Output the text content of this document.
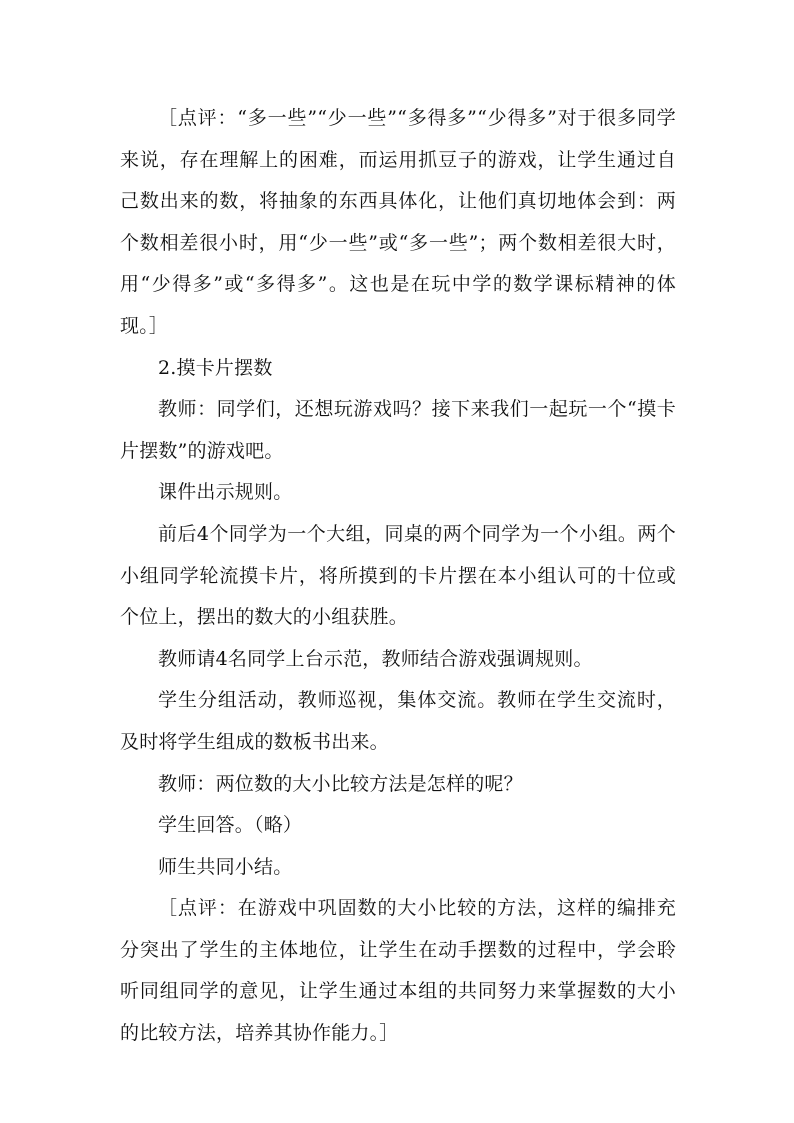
［点评：“多一些”“少一些”“多得多”“少得多”对于很多同学来说，存在理解上的困难，而运用抓豆子的游戏，让学生通过自己数出来的数，将抽象的东西具体化，让他们真切地体会到：两个数相差很小时，用“少一些”或“多一些”；两个数相差很大时，用“少得多”或“多得多”。这也是在玩中学的数学课标精神的体现。］

2.摸卡片摆数

教师：同学们，还想玩游戏吗？接下来我们一起玩一个“摸卡片摆数”的游戏吧。

课件出示规则。

前后4个同学为一个大组，同桌的两个同学为一个小组。两个小组同学轮流摸卡片，将所摸到的卡片摆在本小组认可的十位或个位上，摆出的数大的小组获胜。

教师请4名同学上台示范，教师结合游戏强调规则。

学生分组活动，教师巡视，集体交流。教师在学生交流时，及时将学生组成的数板书出来。

教师：两位数的大小比较方法是怎样的呢？

学生回答。（略）

师生共同小结。

［点评：在游戏中巩固数的大小比较的方法，这样的编排充分突出了学生的主体地位，让学生在动手摆数的过程中，学会聆听同组同学的意见，让学生通过本组的共同努力来掌握数的大小的比较方法，培养其协作能力。］
